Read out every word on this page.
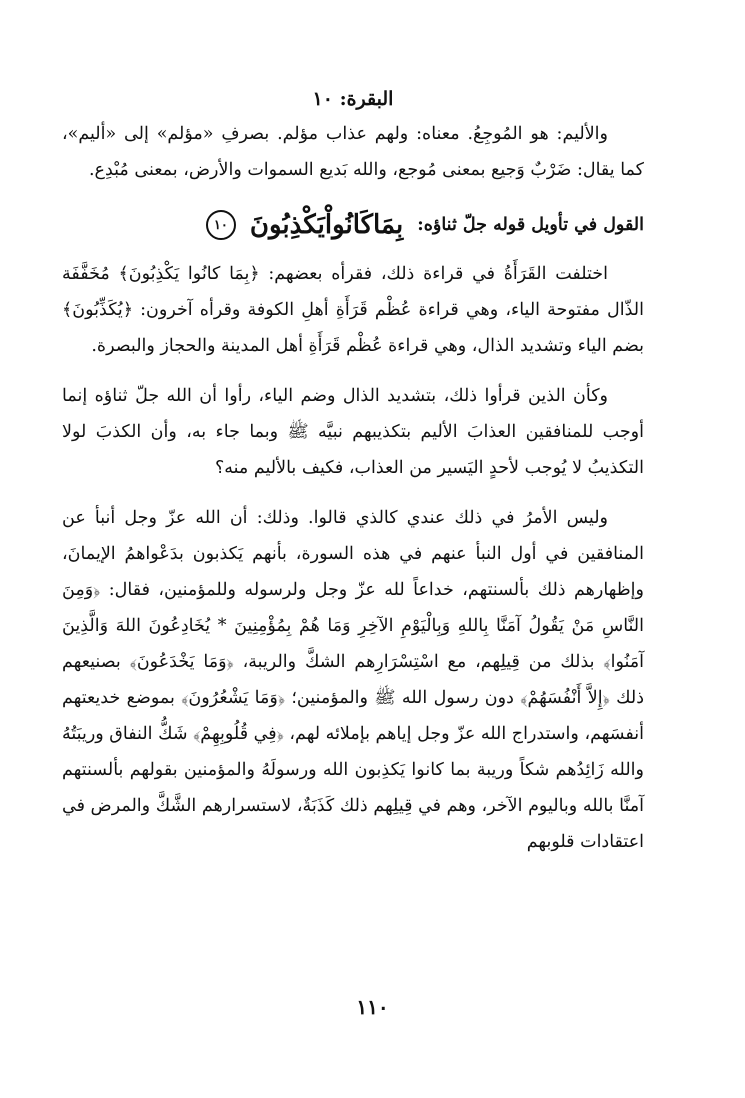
البقرة: ١٠

والأليم: هو المُوجِعُ. معناه: ولهم عذاب مؤلم. بصرفِ «مؤلم» إلى «أليم»، كما يقال: ضَرْبٌ وَجيع بمعنى مُوجع، والله بَديع السموات والأرض، بمعنى مُبْدِع.

القول في تأويل قوله جلّ ثناؤه:
بِمَاكَانُواْيَكْذِبُونَ
١٠

اختلفت القَرَأَةُ في قراءة ذلك، فقرأه بعضهم: ﴿بِمَا كانُوا يَكْذِبُونَ﴾ مُخَفَّفَة الذّال مفتوحة الياء، وهي قراءة عُظْم قَرَأَةِ أهلِ الكوفة وقرأه آخرون: ﴿يُكَذِّبُونَ﴾ بضم الياء وتشديد الذال، وهي قراءة عُظْم قَرَأَةِ أهل المدينة والحجاز والبصرة.

وكأن الذين قرأوا ذلك، بتشديد الذال وضم الياء، رأوا أن الله جلّ ثناؤه إنما أوجب للمنافقين العذابَ الأليم بتكذيبهم نبيَّه ﷺ وبما جاء به، وأن الكذبَ لولا التكذيبُ لا يُوجب لأحدٍ اليَسير من العذاب، فكيف بالأليم منه؟

وليس الأمرُ في ذلك عندي كالذي قالوا. وذلك: أن الله عزّ وجل أنبأ عن المنافقين في أول النبأ عنهم في هذه السورة، بأنهم يَكذبون بدَعْواهمُ الإيمانَ، وإظهارهم ذلك بألسنتهم، خداعاً لله عزّ وجل ولرسوله وللمؤمنين، فقال: ﴿وَمِنَ النَّاسِ مَنْ يَقُولُ آمَنَّا بِاللهِ وَبِالْيَوْمِ الآخِرِ وَمَا هُمْ بِمُؤْمِنِينَ * يُخَادِعُونَ اللهَ وَالَّذِينَ آمَنُوا﴾ بذلك من قِيلِهم، مع اسْتِسْرَارِهم الشكَّ والريبة، ﴿وَمَا يَخْدَعُونَ﴾ بصنيعهم ذلك ﴿إِلاَّ أَنْفُسَهُمْ﴾ دون رسول الله ﷺ والمؤمنين؛ ﴿وَمَا يَشْعُرُونَ﴾ بموضع خديعتهم أنفسَهم، واستدراج الله عزّ وجل إياهم بإملائه لهم، ﴿فِي قُلُوبِهِمْ﴾ شَكُّ النفاق وريبَتُهُ والله زَائِدُهم شكاً وريبة بما كانوا يَكذِبون الله ورسولَهُ والمؤمنين بقولهم بألسنتهم آمنَّا بالله وباليوم الآخر، وهم في قِيلِهم ذلك كَذَبَةٌ، لاستسرارهم الشَّكَّ والمرض في اعتقادات قلوبهم

١١٠
